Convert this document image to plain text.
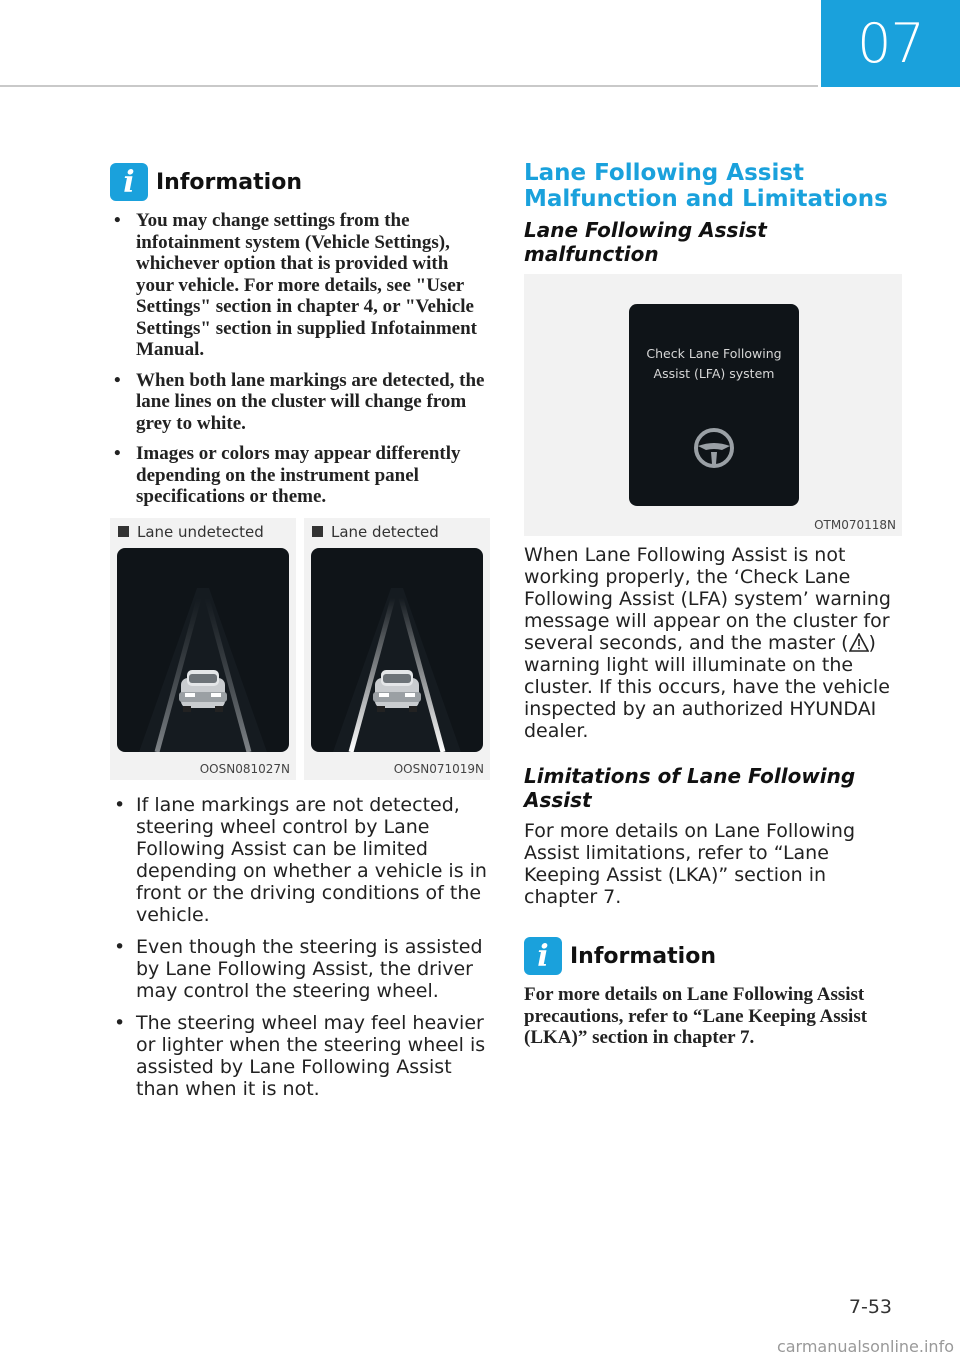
07
i Information
• You may change settings from the infotainment system (Vehicle Settings), whichever option that is provided with your vehicle. For more details, see "User Settings" section in chapter 4, or "Vehicle Settings" section in supplied Infotainment Manual.
• When both lane markings are detected, the lane lines on the cluster will change from grey to white.
• Images or colors may appear differently depending on the instrument panel specifications or theme.
Lane undetected
OOSN081027N
Lane detected
OOSN071019N
• If lane markings are not detected, steering wheel control by Lane Following Assist can be limited depending on whether a vehicle is in front or the driving conditions of the vehicle.
• Even though the steering is assisted by Lane Following Assist, the driver may control the steering wheel.
• The steering wheel may feel heavier or lighter when the steering wheel is assisted by Lane Following Assist than when it is not.
Lane Following Assist
Malfunction and Limitations
Lane Following Assist malfunction
Check Lane Following
Assist (LFA) system
OTM070118N

When Lane Following Assist is not working properly, the ‘Check Lane Following Assist (LFA) system’ warning message will appear on the cluster for several seconds, and the master ( ) warning light will illuminate on the cluster. If this occurs, have the vehicle inspected by an authorized HYUNDAI dealer.

Limitations of Lane Following Assist

For more details on Lane Following Assist limitations, refer to “Lane Keeping Assist (LKA)” section in chapter 7.

i Information

For more details on Lane Following Assist precautions, refer to “Lane Keeping Assist (LKA)” section in chapter 7.

7-53
carmanualsonline.info
